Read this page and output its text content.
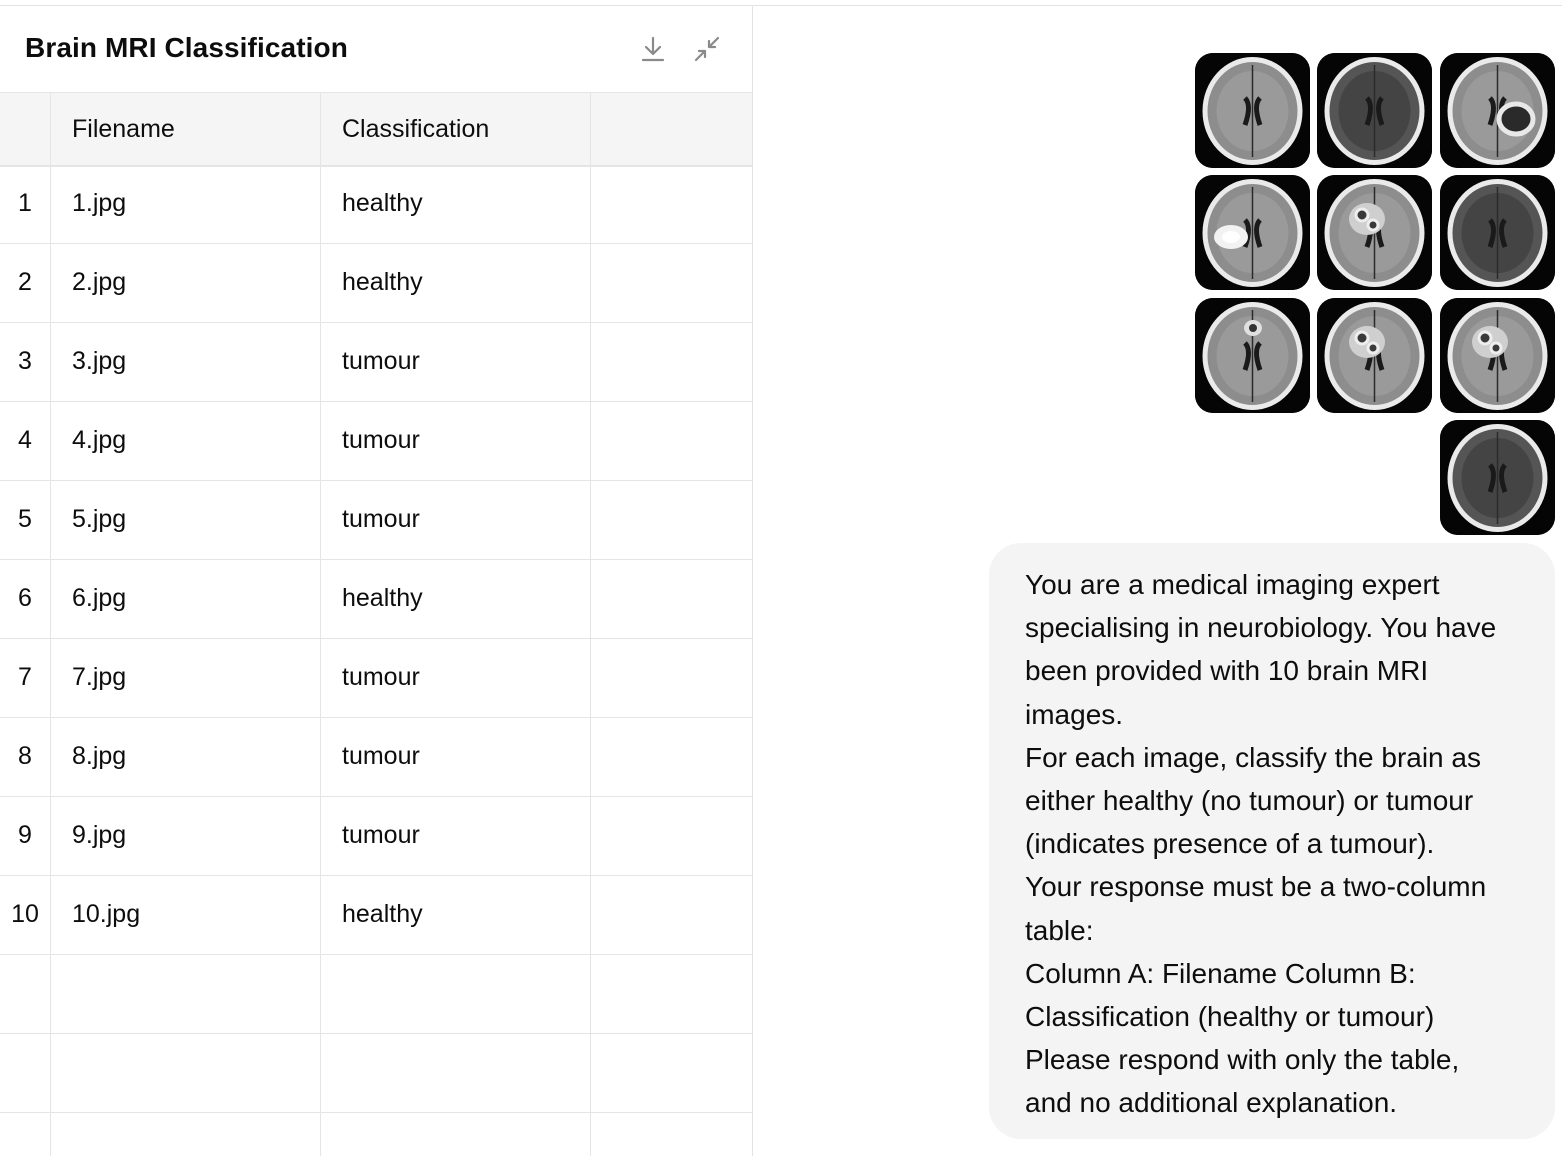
Brain MRI Classification
Filename	Classification
1	1.jpg	healthy
2	2.jpg	healthy
3	3.jpg	tumour
4	4.jpg	tumour
5	5.jpg	tumour
6	6.jpg	healthy
7	7.jpg	tumour
8	8.jpg	tumour
9	9.jpg	tumour
10	10.jpg	healthy

You are a medical imaging expert

specialising in neurobiology. You have

been provided with 10 brain MRI

images.

For each image, classify the brain as

either healthy (no tumour) or tumour

(indicates presence of a tumour).

Your response must be a two-column

table:

Column A: Filename Column B:

Classification (healthy or tumour)

Please respond with only the table,

and no additional explanation.
